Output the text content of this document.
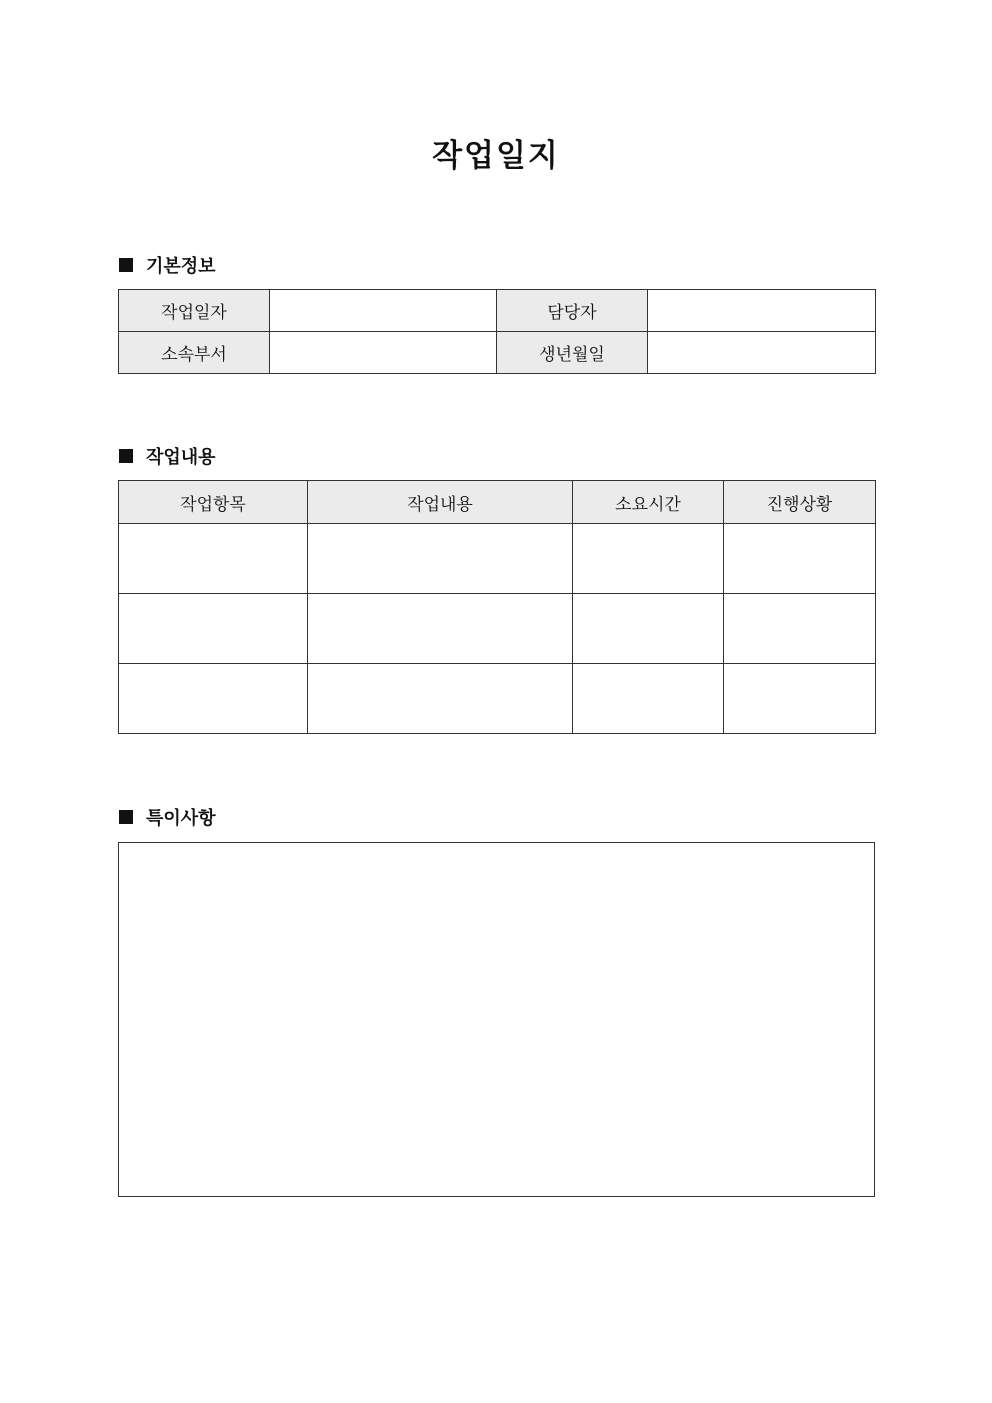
작업일지
기본정보
작업일자		담당자	
소속부서		생년월일	
작업내용
작업항목	작업내용	소요시간	진행상황

특이사항
